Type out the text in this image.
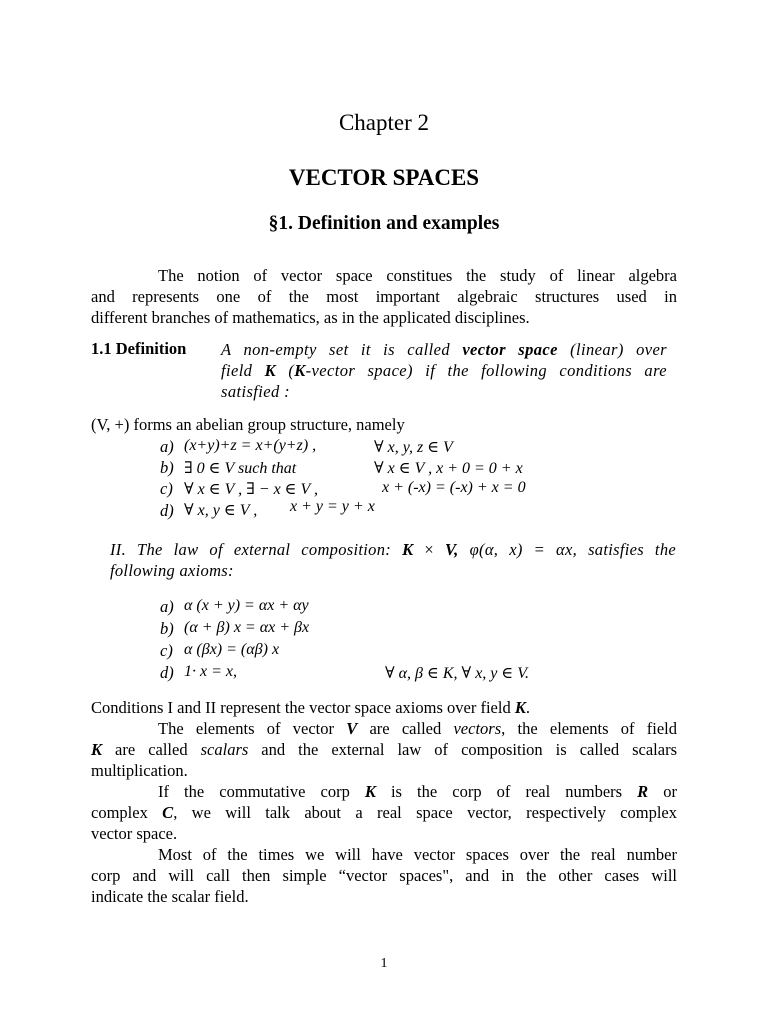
Chapter 2
VECTOR SPACES
§1. Definition and examples
The notion of vector space constitues the study of linear algebra
and represents one of the most important algebraic structures used in
different branches of mathematics, as in the applicated disciplines.
1.1 Definition A non-empty set it is called vector space (linear) over
field K (K-vector space) if the following conditions are
satisfied :
(V, +) forms an abelian group structure, namely
a) (x+y)+z = x+(y+z) ,	∀ x, y, z ∈ V
b) ∃ 0 ∈ V such that	∀ x ∈ V , x + 0 = 0 + x
c) ∀ x ∈ V , ∃ − x ∈ V ,	x + (-x) = (-x) + x = 0
d) ∀ x, y ∈ V , x + y = y + x
II. The law of external composition: K × V, φ(α, x) = αx, satisfies the
following axioms:
a) α (x + y) = αx + αy
b) (α + β) x = αx + βx
c) α (βx) = (αβ) x
d) 1· x = x,	∀ α, β ∈ K, ∀ x, y ∈ V.
Conditions I and II represent the vector space axioms over field K.
The elements of vector V are called vectors, the elements of field
K are called scalars and the external law of composition is called scalars
multiplication.
If the commutative corp K is the corp of real numbers R or
complex C, we will talk about a real space vector, respectively complex
vector space.
Most of the times we will have vector spaces over the real number
corp and will call then simple “vector spaces", and in the other cases will
indicate the scalar field.
1
